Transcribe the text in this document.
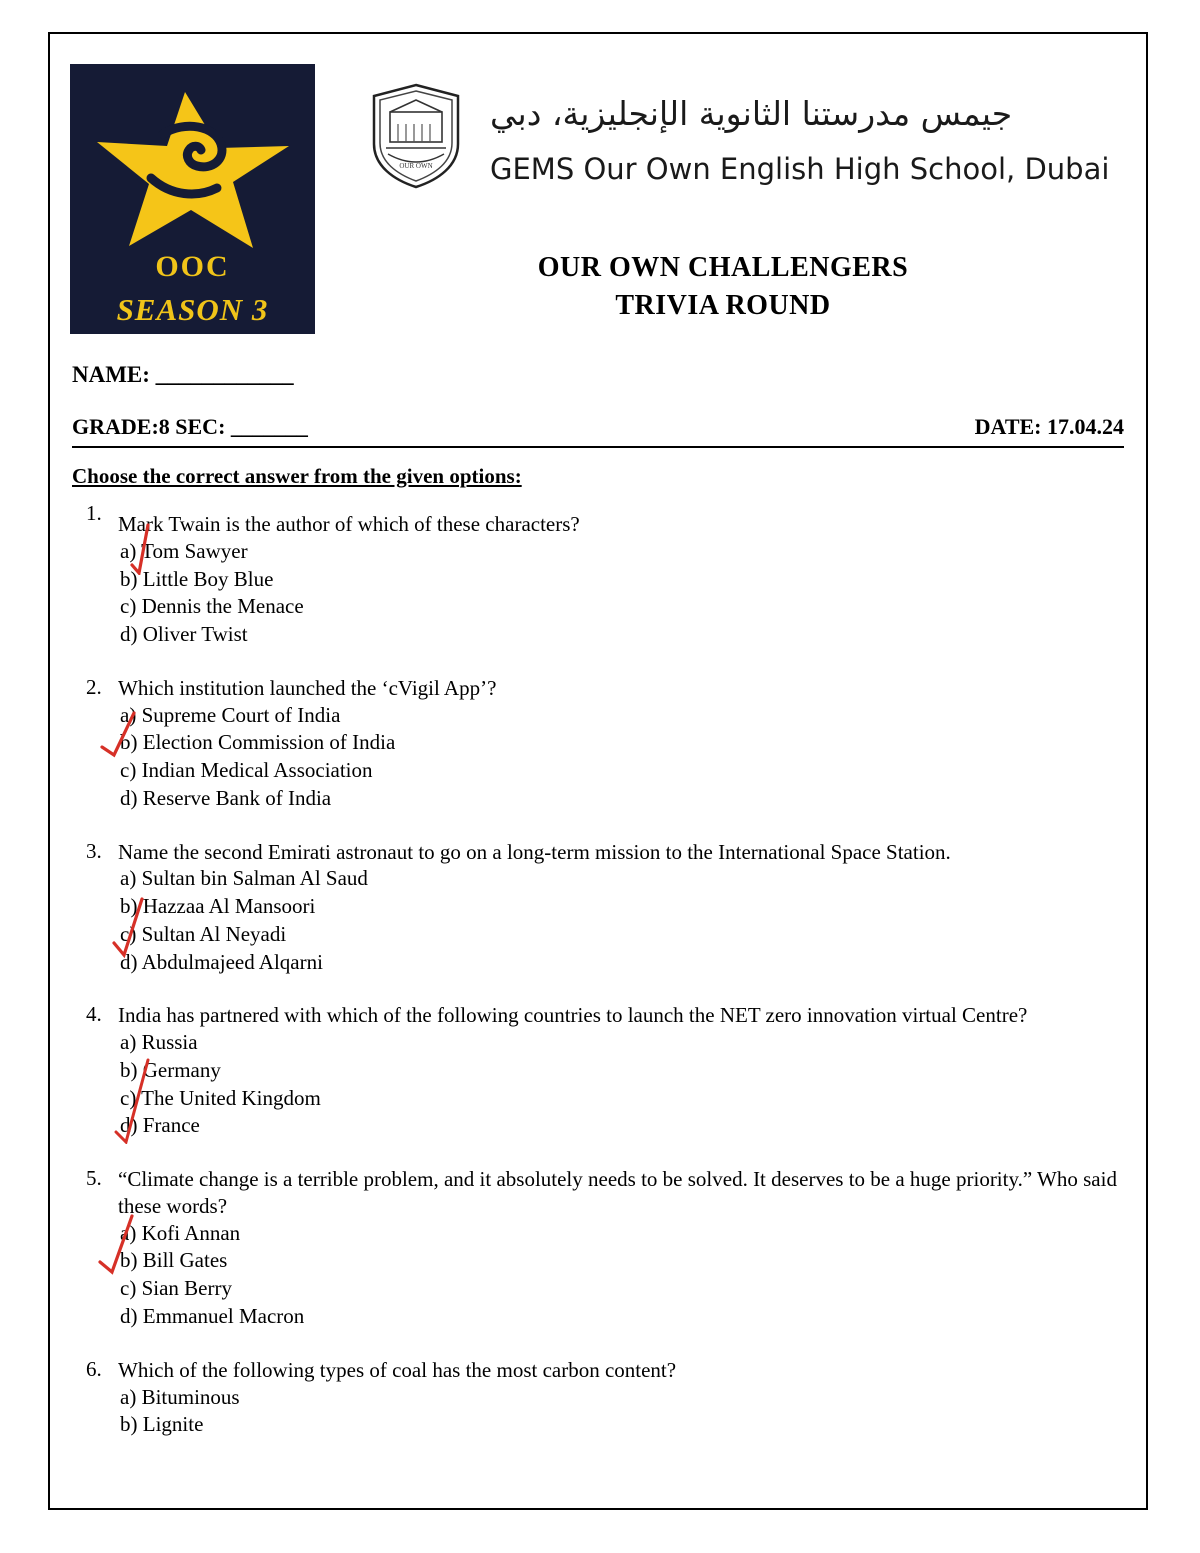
OOC
SEASON 3
OUR OWN
جيمس مدرستنا الثانوية الإنجليزية، دبي
GEMS Our Own English High School, Dubai
OUR OWN CHALLENGERS
TRIVIA ROUND
NAME: ____________
GRADE:8 SEC: _______	DATE: 17.04.24
Choose the correct answer from the given options:
1. Mark Twain is the author of which of these characters?
a) Tom Sawyer
b) Little Boy Blue
c) Dennis the Menace
d) Oliver Twist
2. Which institution launched the ‘cVigil App’?
a) Supreme Court of India
b) Election Commission of India
c) Indian Medical Association
d) Reserve Bank of India
3. Name the second Emirati astronaut to go on a long-term mission to the International Space Station.
a) Sultan bin Salman Al Saud
b) Hazzaa Al Mansoori
c) Sultan Al Neyadi
d) Abdulmajeed Alqarni
4. India has partnered with which of the following countries to launch the NET zero innovation virtual Centre?
a) Russia
b) Germany
c) The United Kingdom
d) France
5. “Climate change is a terrible problem, and it absolutely needs to be solved. It deserves to be a huge priority.” Who said these words?
a) Kofi Annan
b) Bill Gates
c) Sian Berry
d) Emmanuel Macron
6. Which of the following types of coal has the most carbon content?
a) Bituminous
b) Lignite
